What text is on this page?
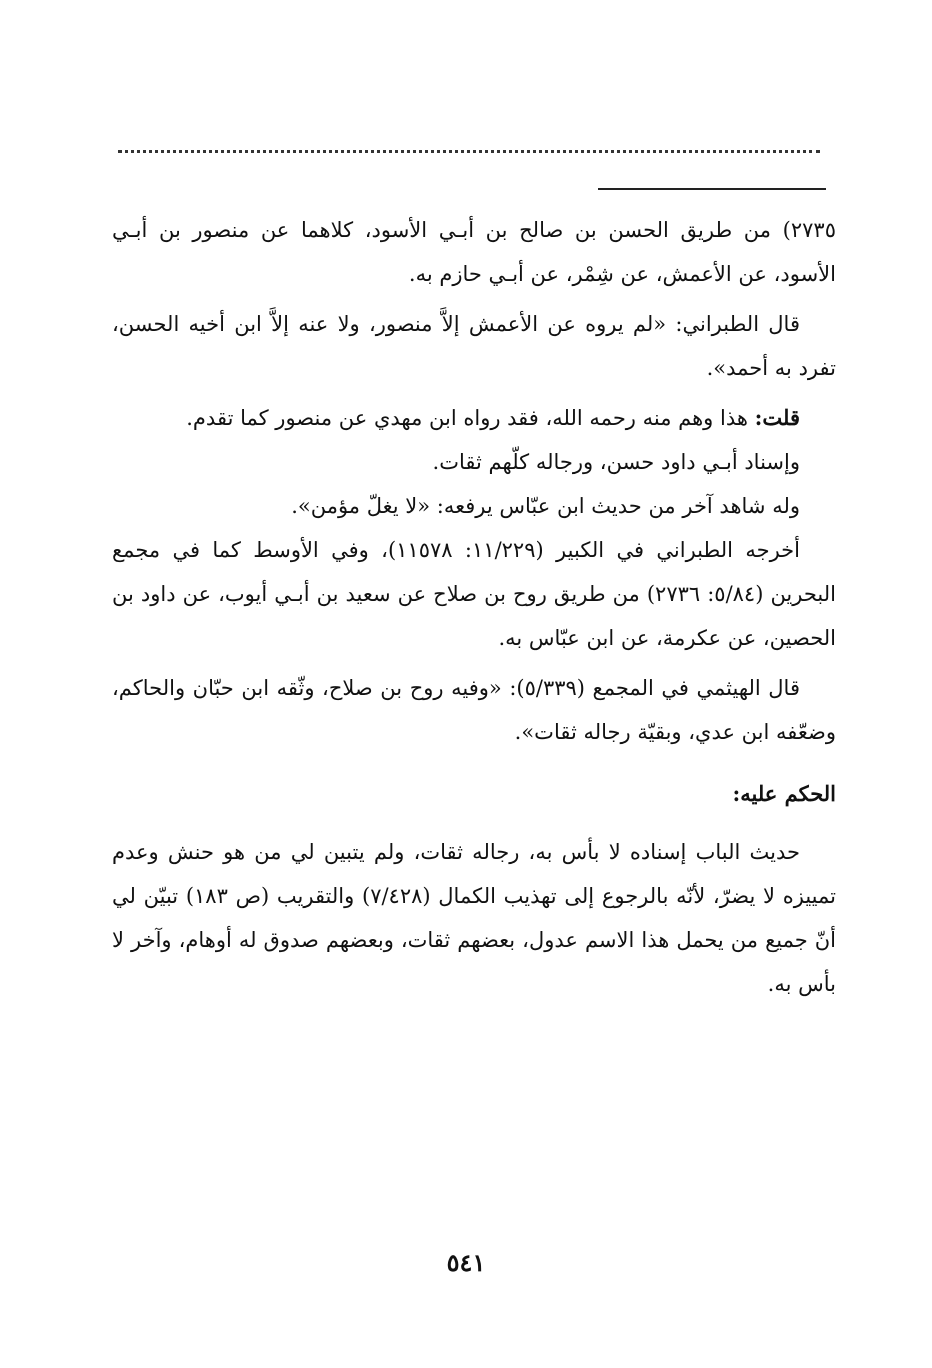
٢٧٣٥) من طريق الحسن بن صالح بن أبـي الأسود، كلاهما عن منصور بن أبـي الأسود، عن الأعمش، عن شِمْر، عن أبـي حازم به.

قال الطبراني: «لم يروه عن الأعمش إلاَّ منصور، ولا عنه إلاَّ ابن أخيه الحسن، تفرد به أحمد».

قلت: هذا وهم منه رحمه الله، فقد رواه ابن مهدي عن منصور كما تقدم.

وإسناد أبـي داود حسن، ورجاله كلّهم ثقات.

وله شاهد آخر من حديث ابن عبّاس يرفعه: «لا يغلّ مؤمن».

أخرجه الطبراني في الكبير (١١/٢٢٩: ١١٥٧٨)، وفي الأوسط كما في مجمع البحرين (٥/٨٤: ٢٧٣٦) من طريق روح بن صلاح عن سعيد بن أبـي أيوب، عن داود بن الحصين، عن عكرمة، عن ابن عبّاس به.

قال الهيثمي في المجمع (٥/٣٣٩): «وفيه روح بن صلاح، وثّقه ابن حبّان والحاكم، وضعّفه ابن عدي، وبقيّة رجاله ثقات».

الحكم عليه:

حديث الباب إسناده لا بأس به، رجاله ثقات، ولم يتبين لي من هو حنش وعدم تمييزه لا يضرّ، لأنّه بالرجوع إلى تهذيب الكمال (٧/٤٢٨) والتقريب (ص ١٨٣) تبيّن لي أنّ جميع من يحمل هذا الاسم عدول، بعضهم ثقات، وبعضهم صدوق له أوهام، وآخر لا بأس به.

٥٤١
